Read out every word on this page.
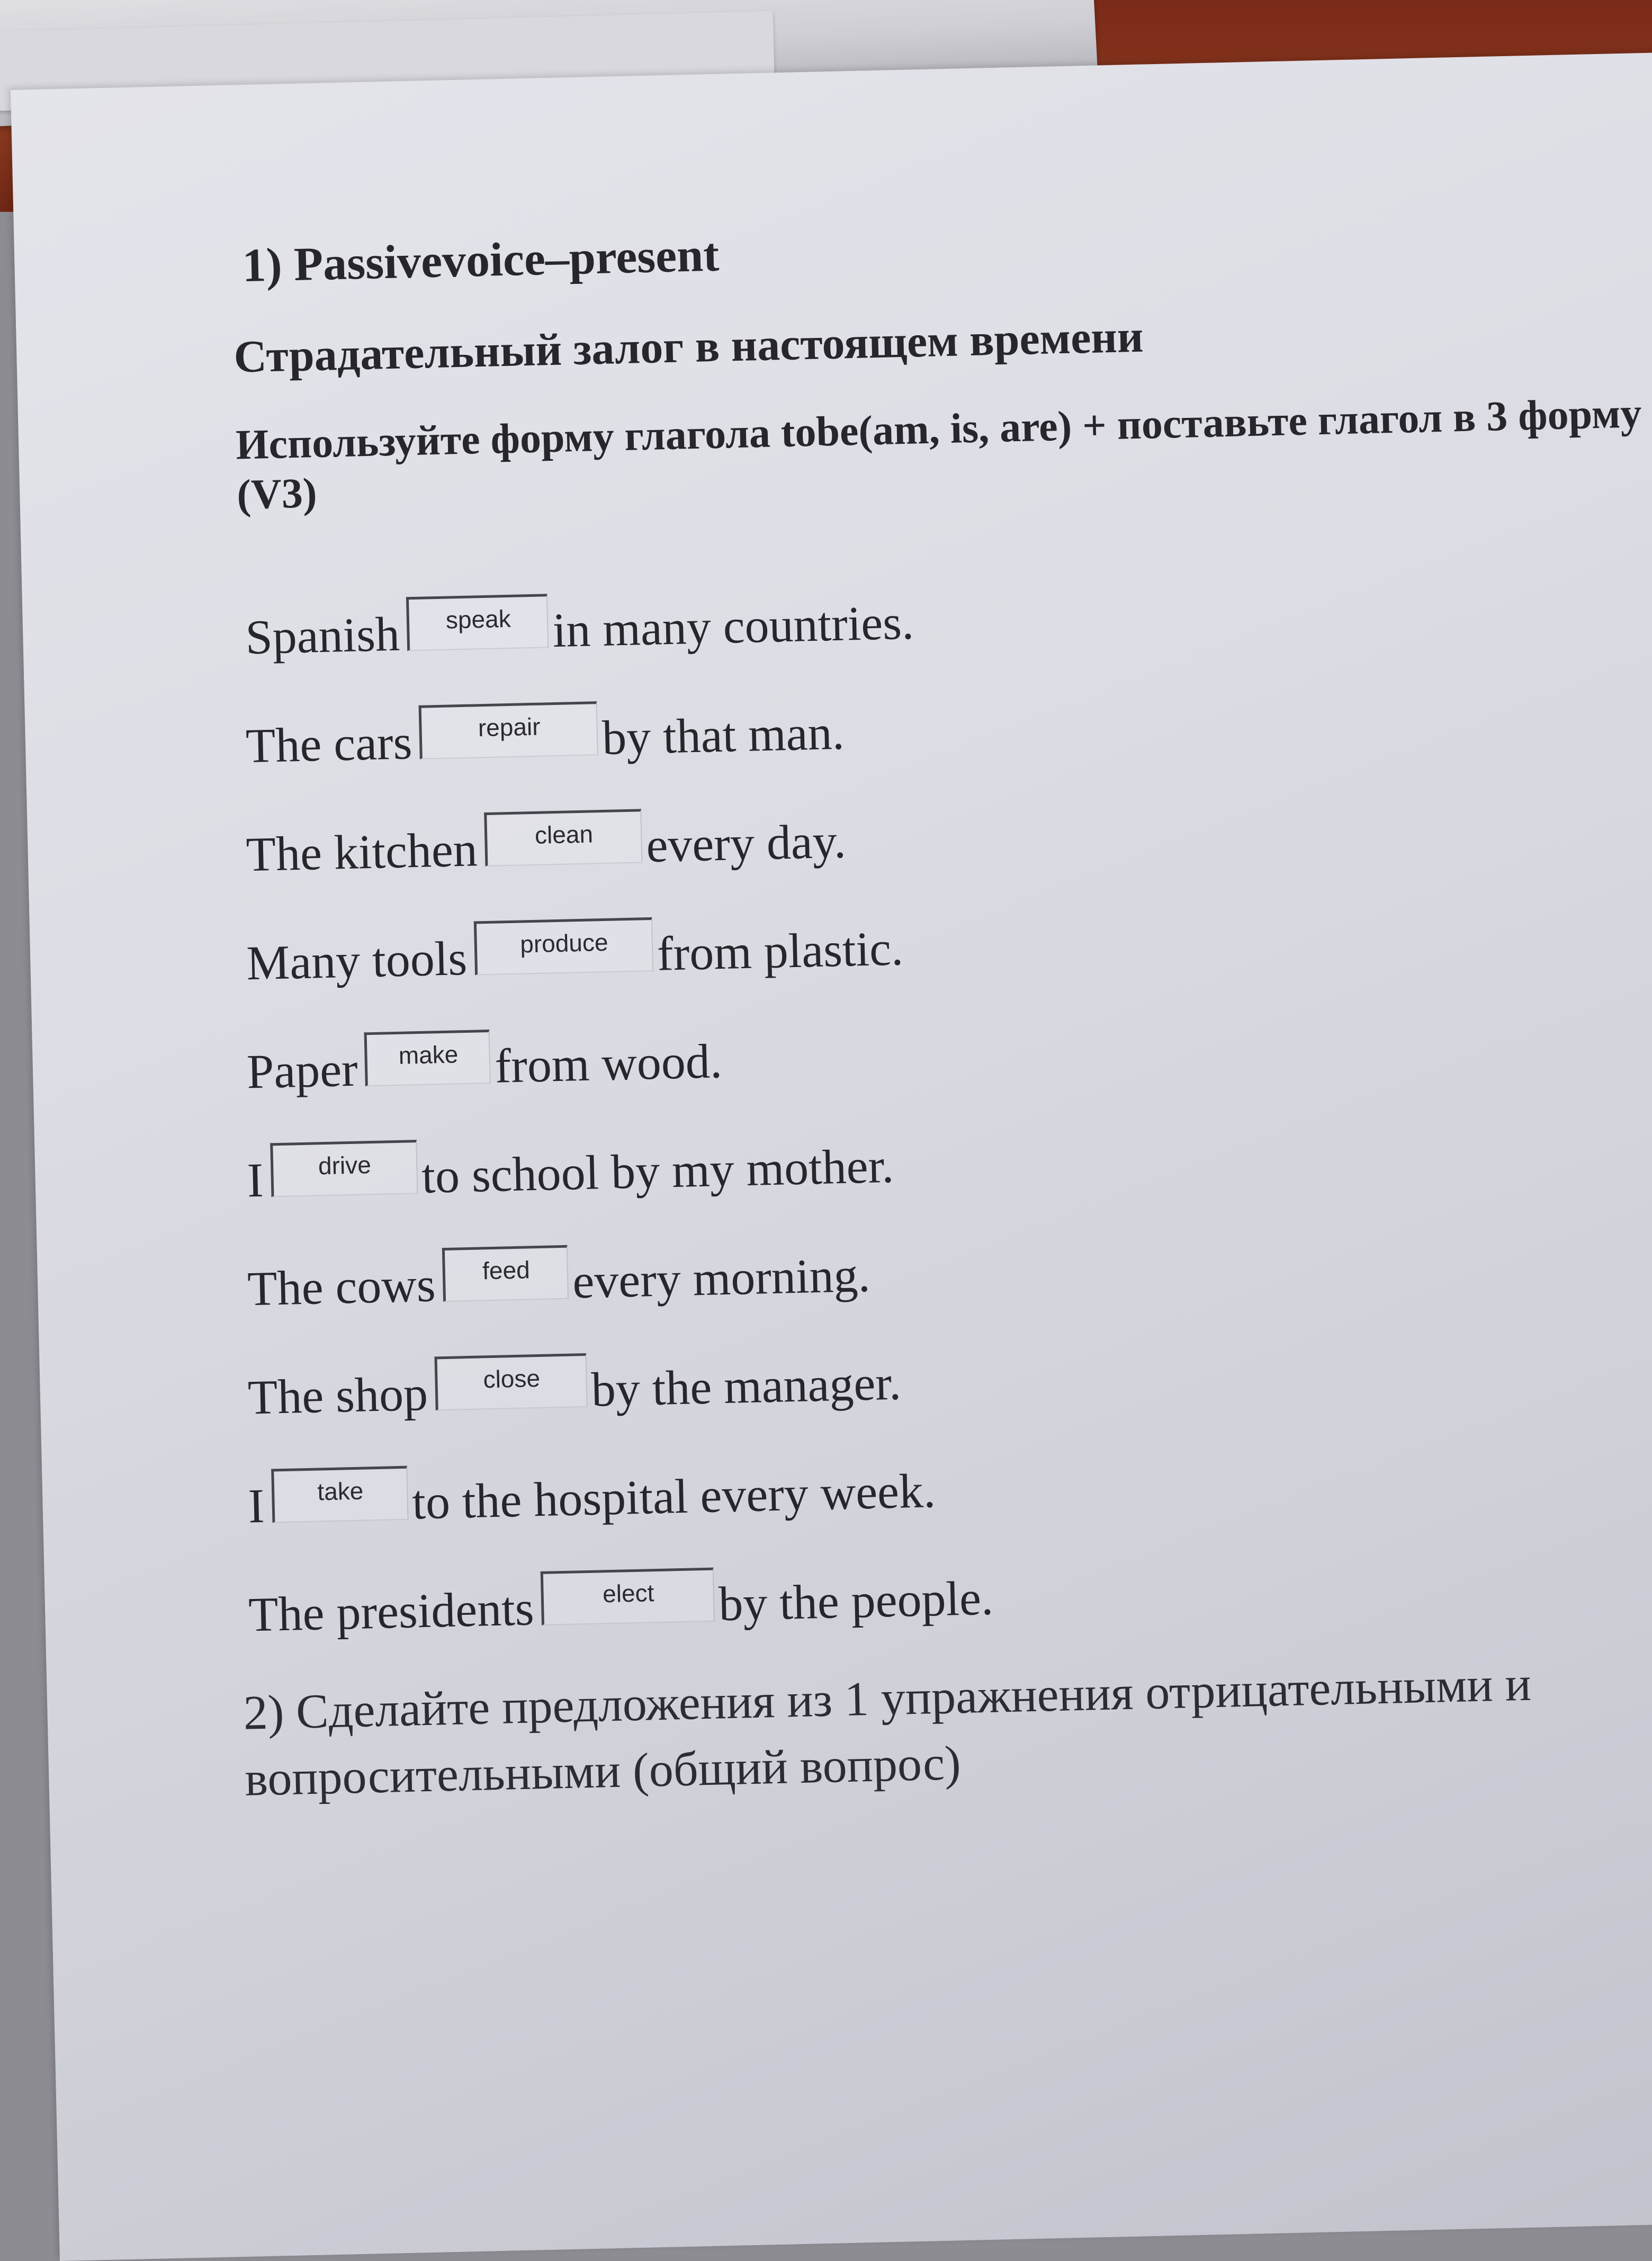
1) Passivevoice–present
Страдательный залог в настоящем времени
Используйте форму глагола tobe(am, is, are) + поставьте глагол в 3 форму (V3)
Spanish	speak in many countries.
The cars	repair	by that man.
The kitchen	clean	every day.
Many tools	produce from plastic.
Paper	make from wood.
I	drive	to school by my mother.
The cows	feed every morning.
The shop	close	by the manager.
I	take to the hospital every week.
The presidents	elect	by the people.
2) Сделайте предложения из 1 упражнения отрицательными и вопросительными (общий вопрос)
